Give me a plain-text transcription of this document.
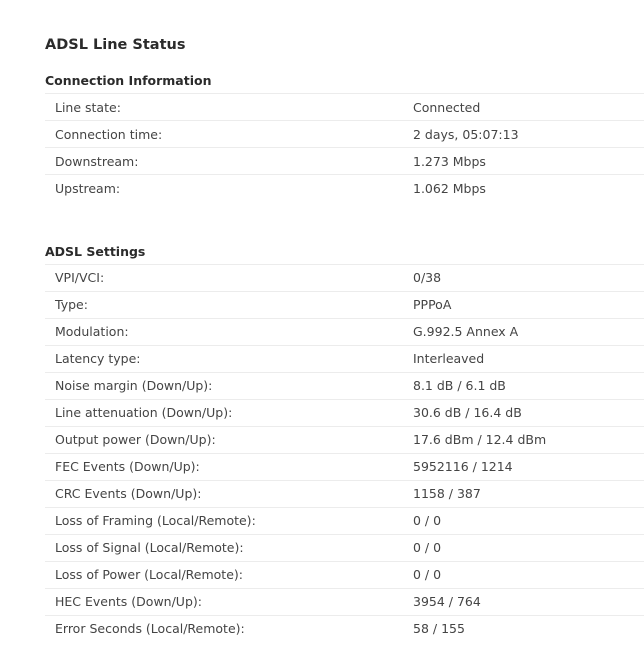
ADSL Line Status
Connection Information
Line state:	Connected
Connection time:	2 days, 05:07:13
Downstream:	1.273 Mbps
Upstream:	1.062 Mbps
ADSL Settings
VPI/VCI:	0/38
Type:	PPPoA
Modulation:	G.992.5 Annex A
Latency type:	Interleaved
Noise margin (Down/Up):	8.1 dB / 6.1 dB
Line attenuation (Down/Up):	30.6 dB / 16.4 dB
Output power (Down/Up):	17.6 dBm / 12.4 dBm
FEC Events (Down/Up):	5952116 / 1214
CRC Events (Down/Up):	1158 / 387
Loss of Framing (Local/Remote):	0 / 0
Loss of Signal (Local/Remote):	0 / 0
Loss of Power (Local/Remote):	0 / 0
HEC Events (Down/Up):	3954 / 764
Error Seconds (Local/Remote):	58 / 155
